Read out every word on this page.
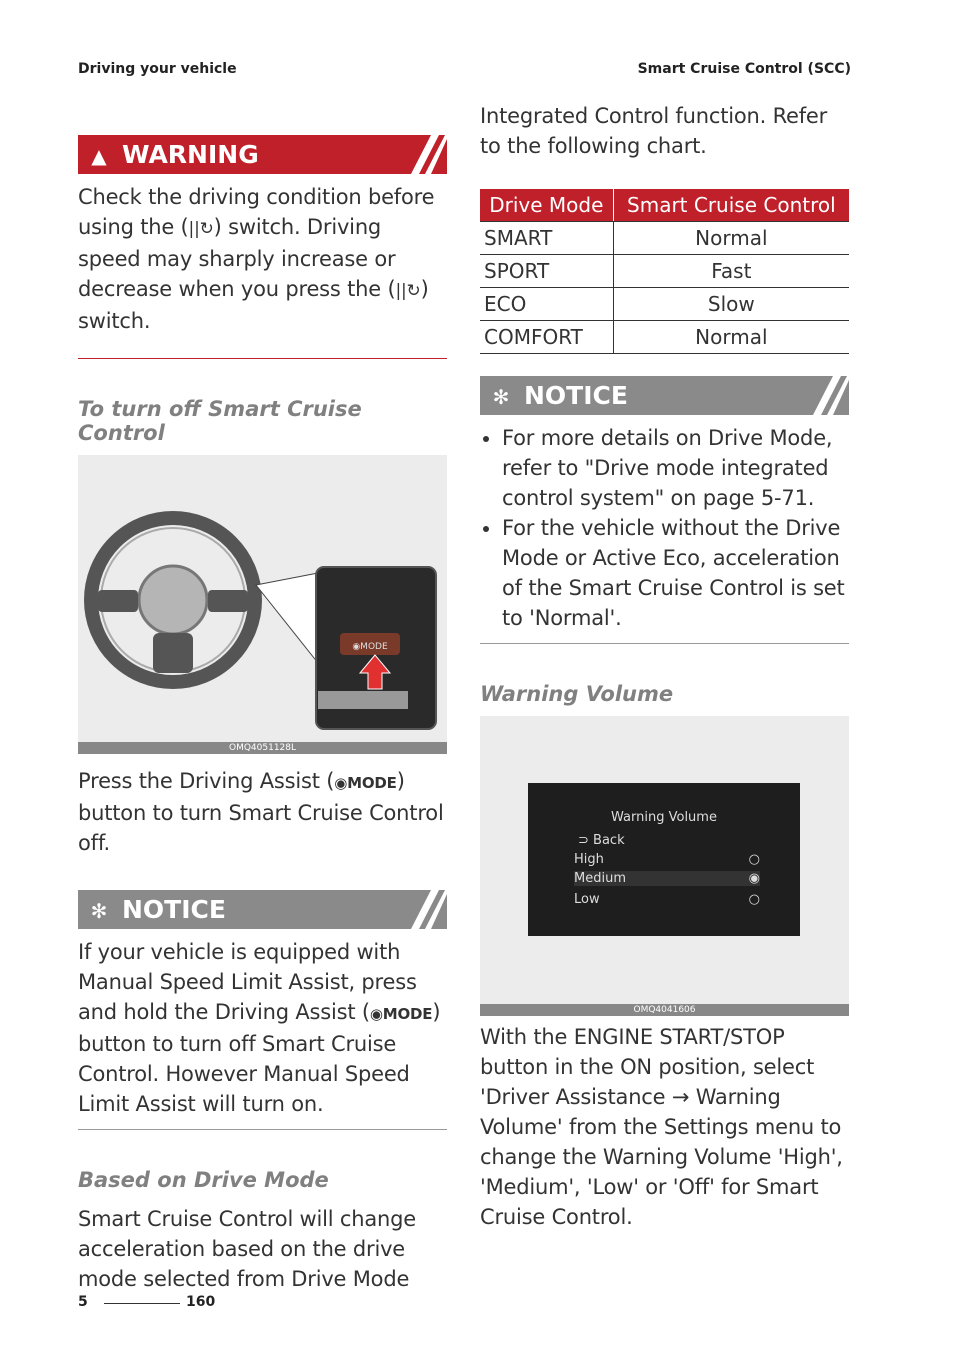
Driving your vehicle	Smart Cruise Control (SCC)
▲ WARNING
Check the driving condition before using the (||↻) switch. Driving speed may sharply increase or decrease when you press the (||↻) switch.
To turn off Smart Cruise Control
◉MODE
OMQ4051128L
Press the Driving Assist (◉MODE) button to turn Smart Cruise Control off.
✻ NOTICE
If your vehicle is equipped with Manual Speed Limit Assist, press and hold the Driving Assist (◉MODE) button to turn off Smart Cruise Control. However Manual Speed Limit Assist will turn on.
Based on Drive Mode
Smart Cruise Control will change acceleration based on the drive mode selected from Drive Mode
Integrated Control function. Refer to the following chart.
Drive Mode	Smart Cruise Control
SMART	Normal
SPORT	Fast
ECO	Slow
COMFORT	Normal
✻ NOTICE
• For more details on Drive Mode, refer to "Drive mode integrated control system" on page 5-71.
• For the vehicle without the Drive Mode or Active Eco, acceleration of the Smart Cruise Control is set to 'Normal'.
Warning Volume
Warning Volume
⊃ Back
High	○
Medium	◉
Low	○
OMQ4041606
With the ENGINE START/STOP button in the ON position, select 'Driver Assistance → Warning Volume' from the Settings menu to change the Warning Volume 'High', 'Medium', 'Low' or 'Off' for Smart Cruise Control.
5	160
